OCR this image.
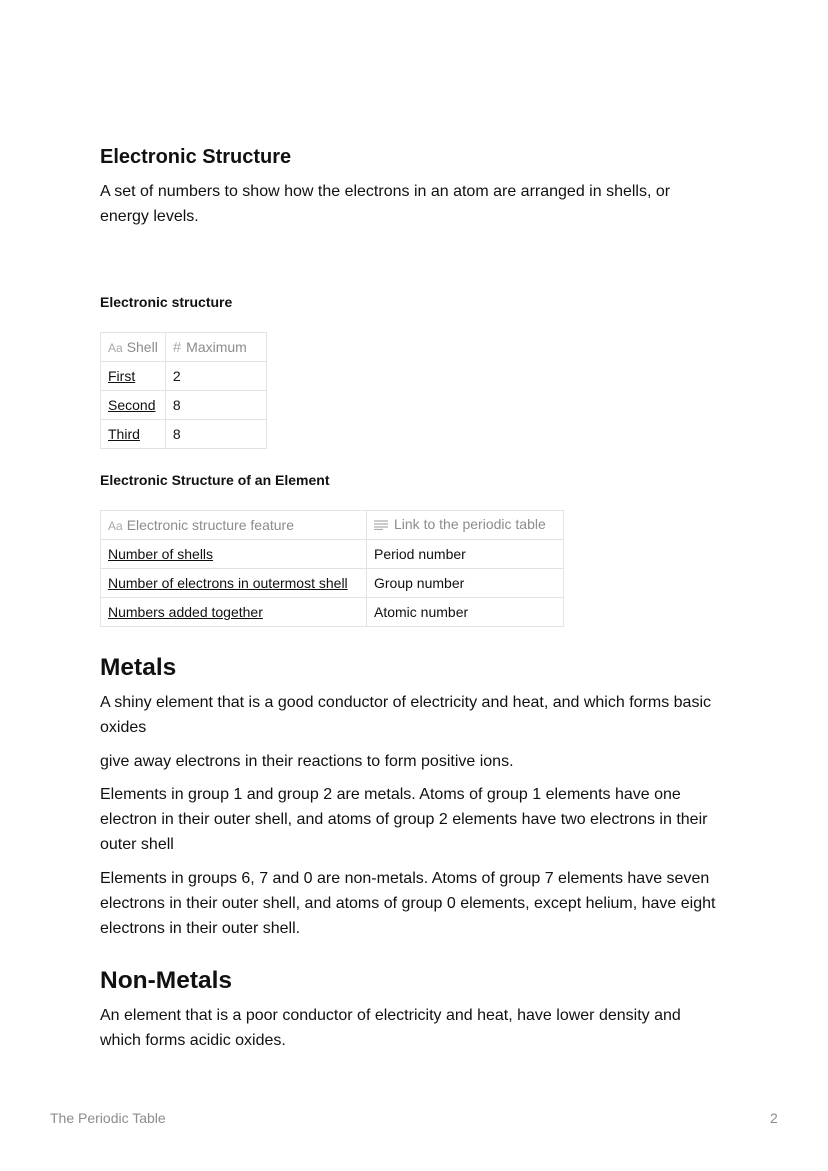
Electronic Structure

A set of numbers to show how the electrons in an atom are arranged in shells, or energy levels.

Electronic structure
Aa Shell	# Maximum
First	2
Second	8
Third	8
Electronic Structure of an Element
Aa Electronic structure feature	Link to the periodic table
Number of shells	Period number
Number of electrons in outermost shell	Group number
Numbers added together	Atomic number
Metals

A shiny element that is a good conductor of electricity and heat, and which forms basic oxides

give away electrons in their reactions to form positive ions.

Elements in group 1 and group 2 are metals. Atoms of group 1 elements have one electron in their outer shell, and atoms of group 2 elements have two electrons in their outer shell

Elements in groups 6, 7 and 0 are non-metals. Atoms of group 7 elements have seven electrons in their outer shell, and atoms of group 0 elements, except helium, have eight electrons in their outer shell.

Non-Metals

An element that is a poor conductor of electricity and heat, have lower density and which forms acidic oxides.

The Periodic Table	2
